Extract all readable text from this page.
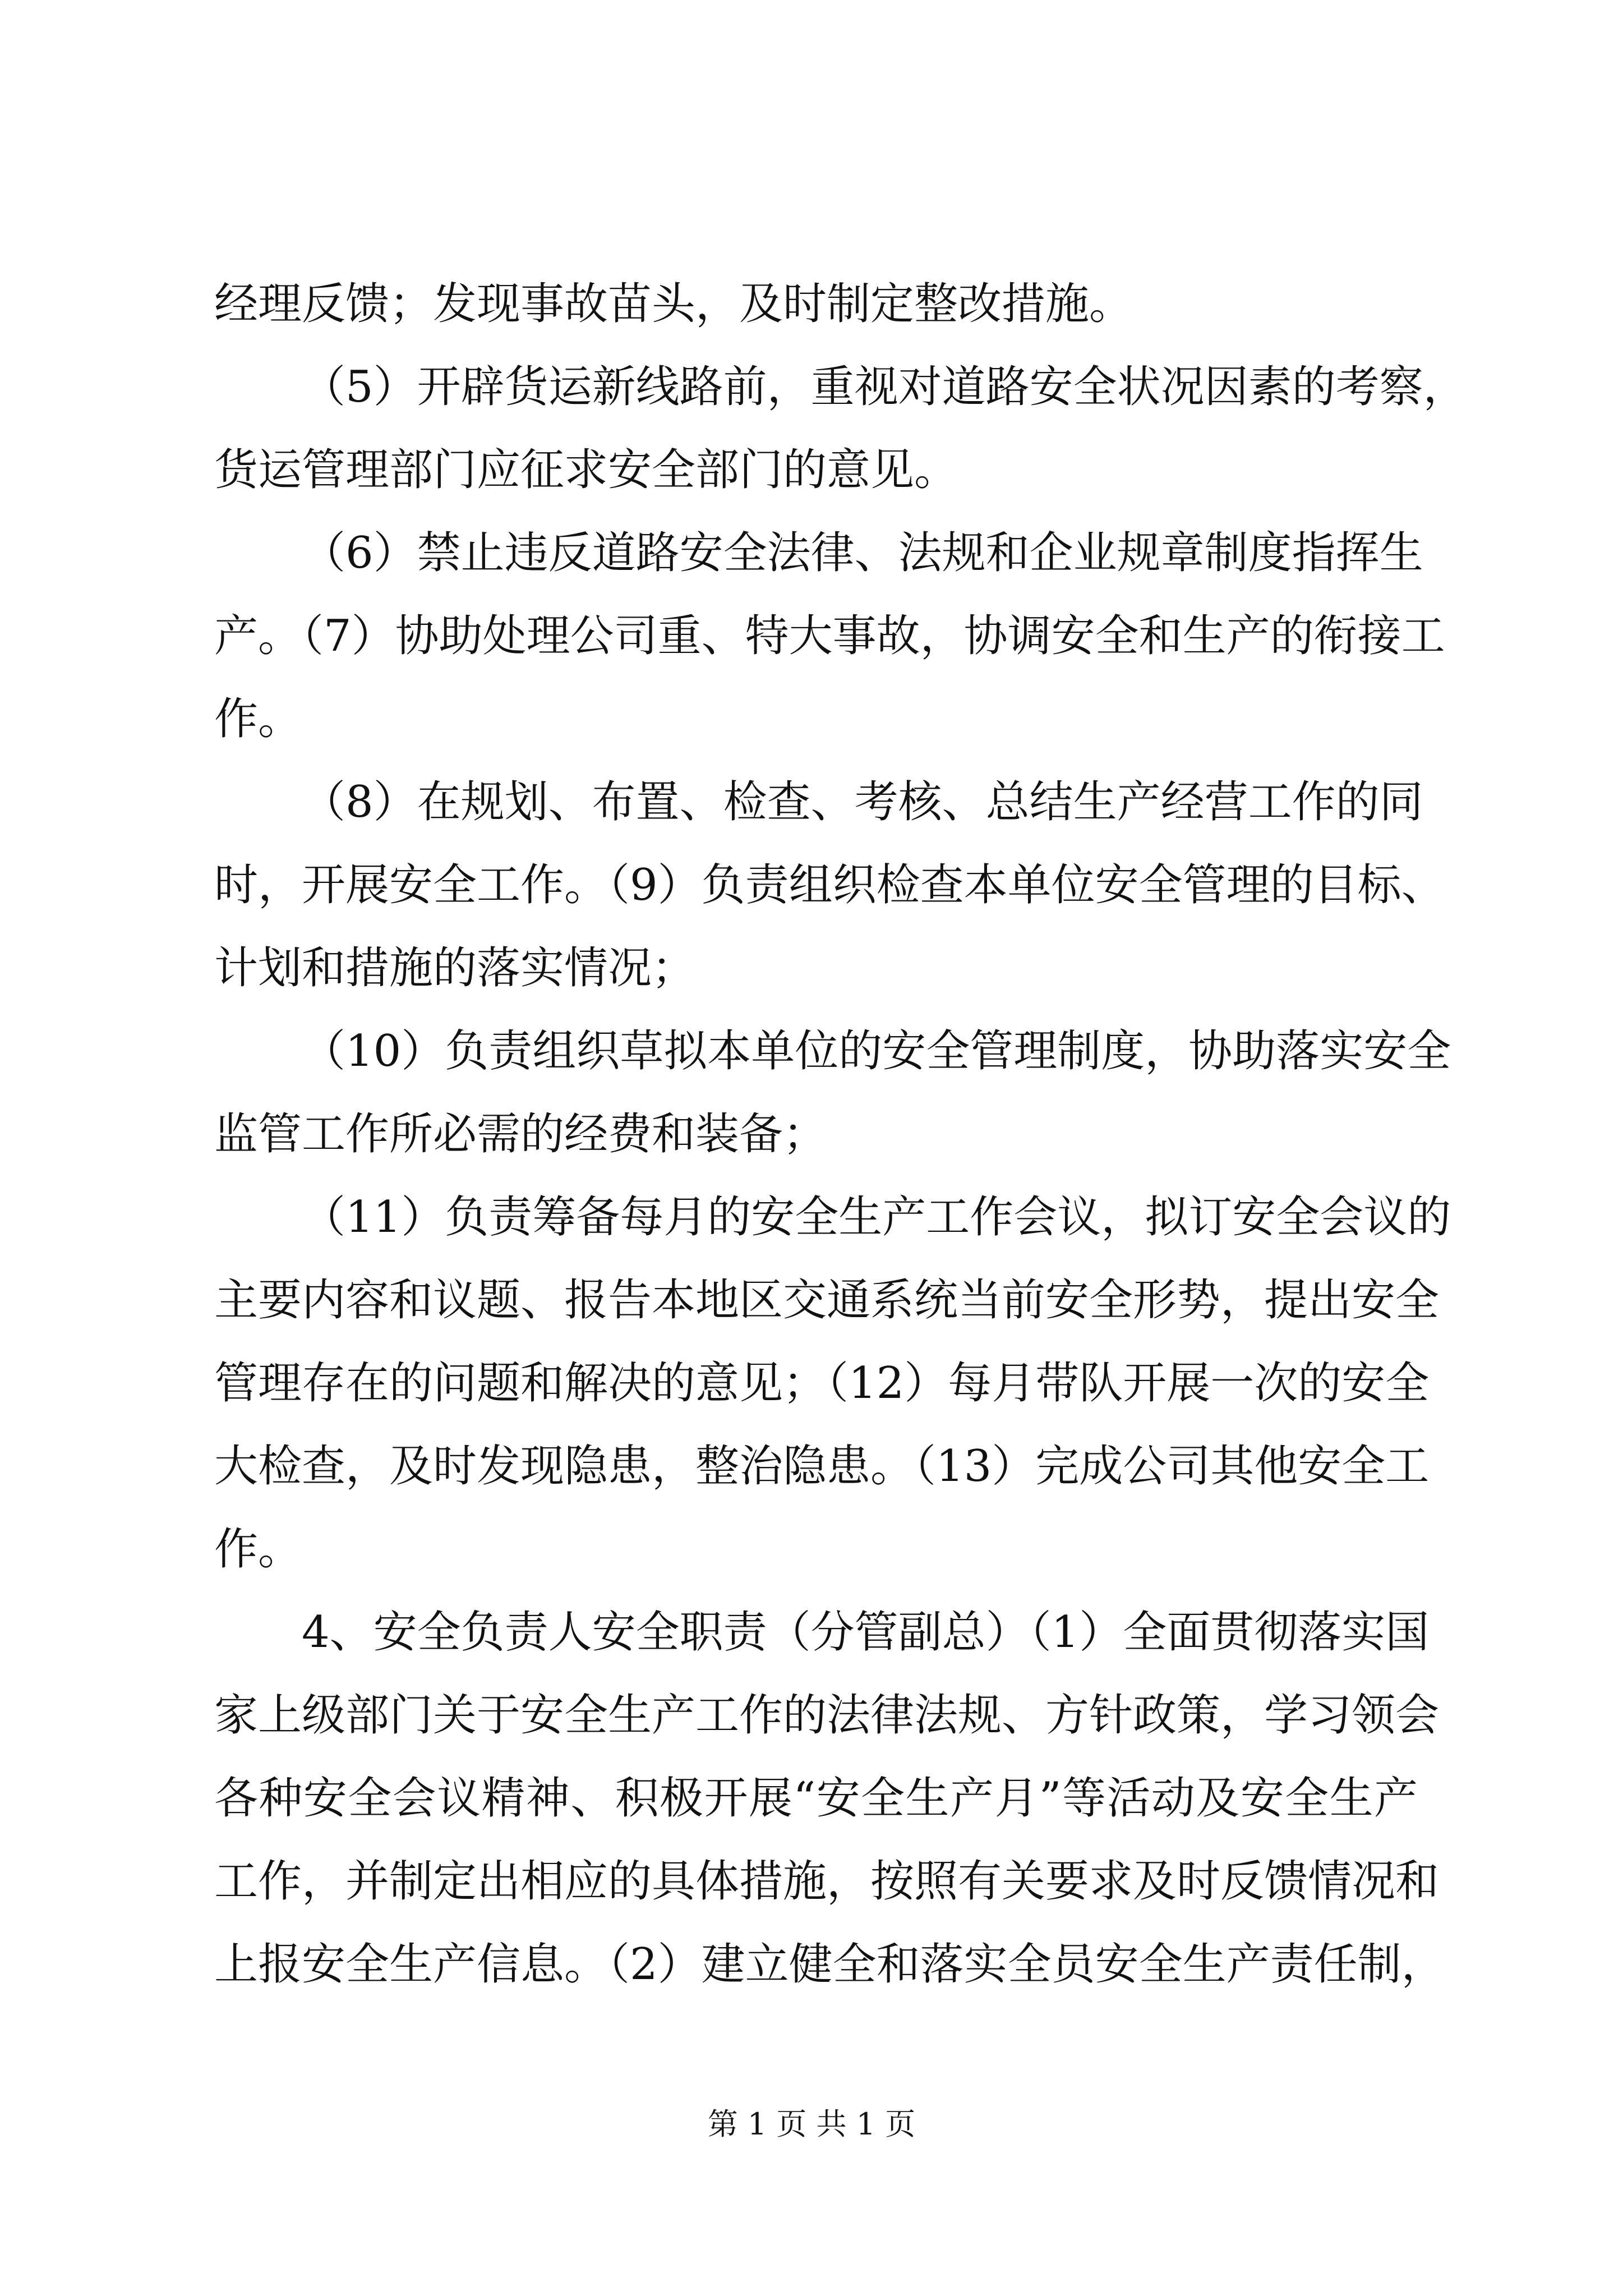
经理反馈；发现事故苗头，及时制定整改措施。
（5）开辟货运新线路前，重视对道路安全状况因素的考察，
货运管理部门应征求安全部门的意见。
（6）禁止违反道路安全法律、法规和企业规章制度指挥生
产。（7）协助处理公司重、特大事故，协调安全和生产的衔接工
作。
（8）在规划、布置、检查、考核、总结生产经营工作的同
时，开展安全工作。（9）负责组织检查本单位安全管理的目标、
计划和措施的落实情况；
（10）负责组织草拟本单位的安全管理制度，协助落实安全
监管工作所必需的经费和装备；
（11）负责筹备每月的安全生产工作会议，拟订安全会议的
主要内容和议题、报告本地区交通系统当前安全形势，提出安全
管理存在的问题和解决的意见；（12）每月带队开展一次的安全
大检查，及时发现隐患，整治隐患。（13）完成公司其他安全工
作。
4、安全负责人安全职责（分管副总）（1）全面贯彻落实国
家上级部门关于安全生产工作的法律法规、方针政策，学习领会
各种安全会议精神、积极开展“安全生产月”等活动及安全生产
工作，并制定出相应的具体措施，按照有关要求及时反馈情况和
上报安全生产信息。（2）建立健全和落实全员安全生产责任制，
第 1 页 共 1 页
